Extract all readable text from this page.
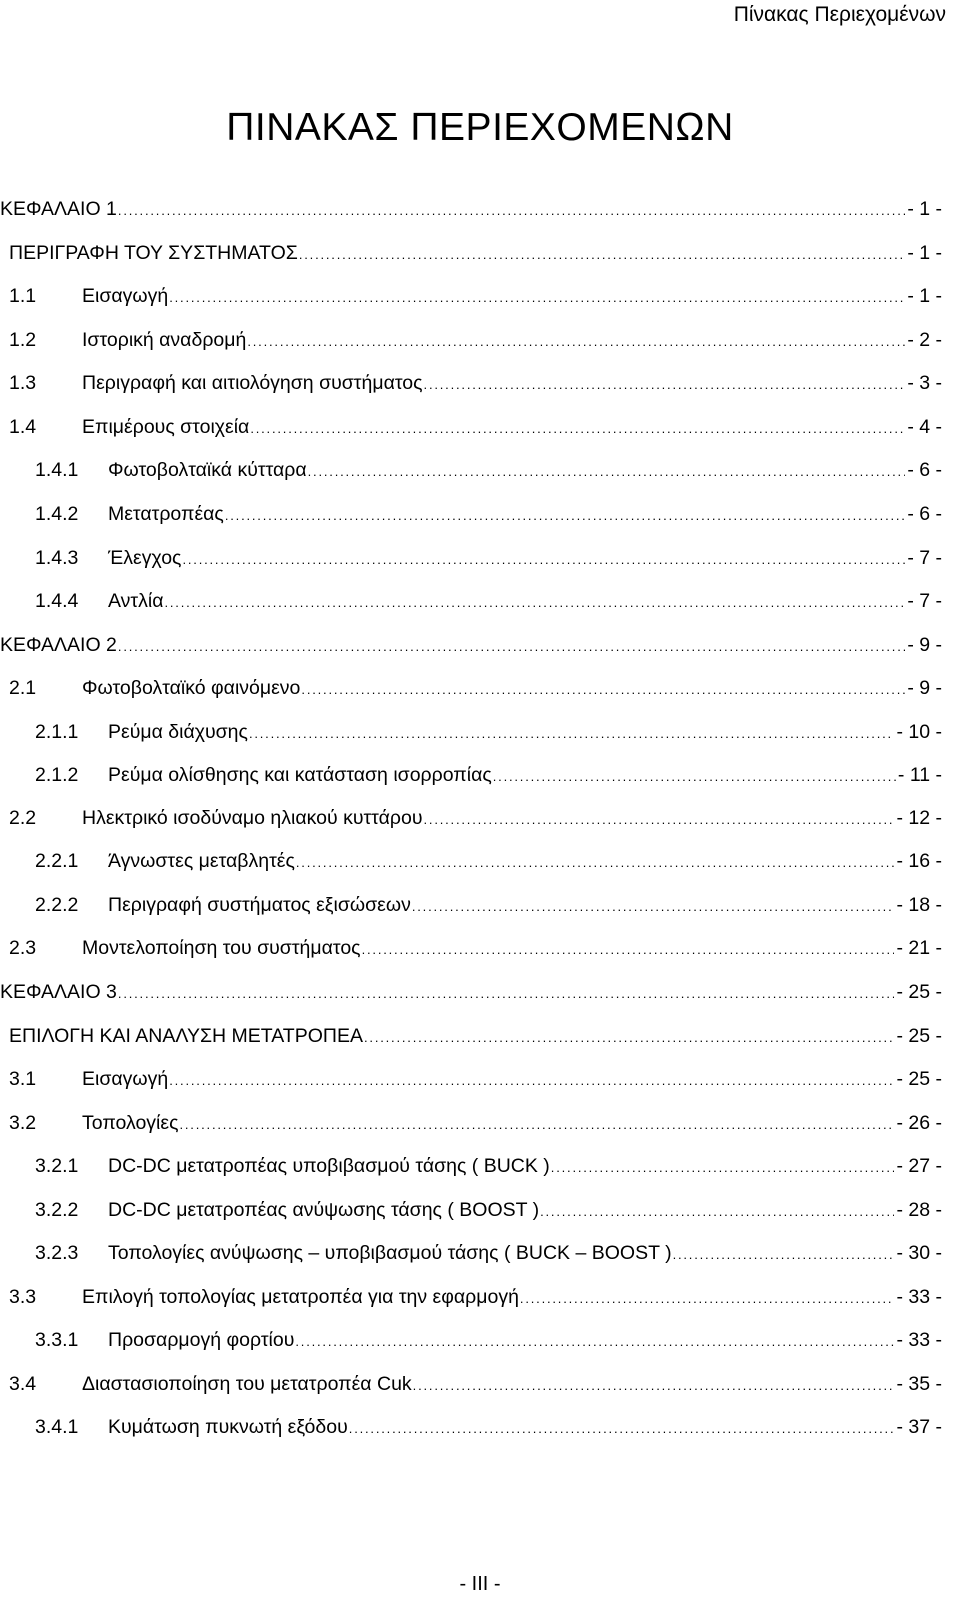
Πίνακας Περιεχομένων
ΠΙΝΑΚΑΣ ΠΕΡΙΕΧΟΜΕΝΩΝ
ΚΕΦΑΛΑΙΟ 1 .....	- 1 -
ΠΕΡΙΓΡΑΦΗ ΤΟΥ ΣΥΣΤΗΜΑΤΟΣ .....	- 1 -
1.1	Εισαγωγή .....	- 1 -
1.2	Ιστορική αναδρομή .....	- 2 -
1.3	Περιγραφή και αιτιολόγηση συστήματος .....	- 3 -
1.4	Επιμέρους στοιχεία .....	- 4 -
1.4.1	Φωτοβολταϊκά κύτταρα .....	- 6 -
1.4.2	Μετατροπέας .....	- 6 -
1.4.3	Έλεγχος .....	- 7 -
1.4.4	Αντλία .....	- 7 -
ΚΕΦΑΛΑΙΟ 2 .....	- 9 -
2.1	Φωτοβολταϊκό φαινόμενο .....	- 9 -
2.1.1	Ρεύμα διάχυσης .....	- 10 -
2.1.2	Ρεύμα ολίσθησης και κατάσταση ισορροπίας .....	- 11 -
2.2	Ηλεκτρικό ισοδύναμο ηλιακού κυττάρου .....	- 12 -
2.2.1	Άγνωστες μεταβλητές .....	- 16 -
2.2.2	Περιγραφή συστήματος εξισώσεων .....	- 18 -
2.3	Μοντελοποίηση του συστήματος .....	- 21 -
ΚΕΦΑΛΑΙΟ 3 .....	- 25 -
ΕΠΙΛΟΓΗ ΚΑΙ ΑΝΑΛΥΣΗ ΜΕΤΑΤΡΟΠΕΑ .....	- 25 -
3.1	Εισαγωγή .....	- 25 -
3.2	Τοπολογίες .....	- 26 -
3.2.1	DC-DC μετατροπέας υποβιβασμού τάσης ( BUCK ) .....	- 27 -
3.2.2	DC-DC μετατροπέας ανύψωσης τάσης ( BOOST ) .....	- 28 -
3.2.3	Τοπολογίες ανύψωσης – υποβιβασμού τάσης ( BUCK – BOOST ) .....	- 30 -
3.3	Επιλογή τοπολογίας μετατροπέα για την εφαρμογή .....	- 33 -
3.3.1	Προσαρμογή φορτίου .....	- 33 -
3.4	Διαστασιοποίηση του μετατροπέα Cuk .....	- 35 -
3.4.1	Κυμάτωση πυκνωτή εξόδου .....	- 37 -
- III -
